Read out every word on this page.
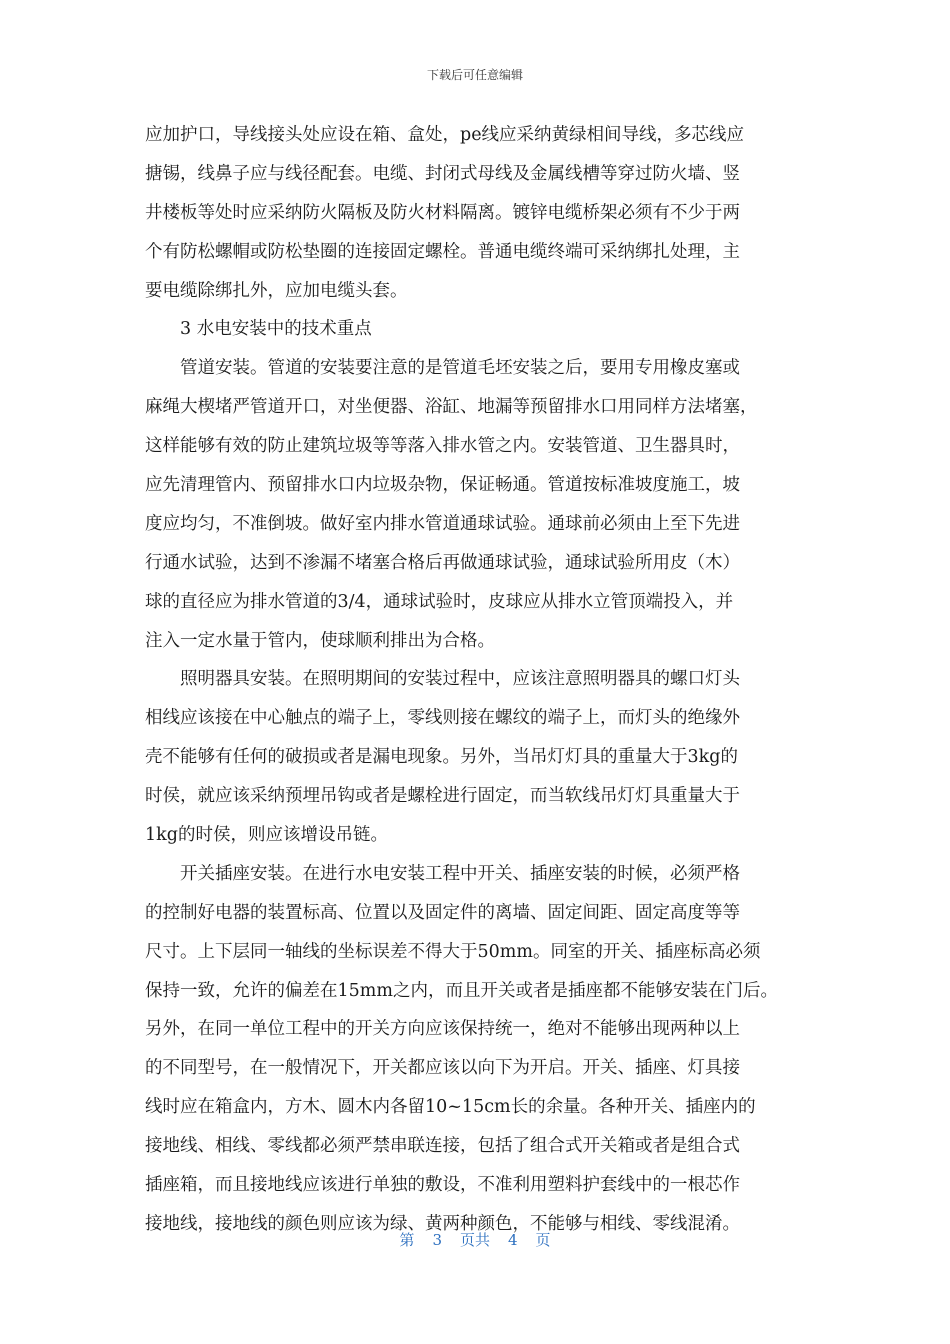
下载后可任意编辑
应加护口，导线接头处应设在箱、盒处，pe线应采纳黄绿相间导线，多芯线应
搪锡，线鼻子应与线径配套。电缆、封闭式母线及金属线槽等穿过防火墙、竖
井楼板等处时应采纳防火隔板及防火材料隔离。镀锌电缆桥架必须有不少于两
个有防松螺帽或防松垫圈的连接固定螺栓。普通电缆终端可采纳绑扎处理，主
要电缆除绑扎外，应加电缆头套。
3 水电安装中的技术重点
管道安装。管道的安装要注意的是管道毛坯安装之后，要用专用橡皮塞或
麻绳大楔堵严管道开口，对坐便器、浴缸、地漏等预留排水口用同样方法堵塞，
这样能够有效的防止建筑垃圾等等落入排水管之内。安装管道、卫生器具时，
应先清理管内、预留排水口内垃圾杂物，保证畅通。管道按标准坡度施工，坡
度应均匀，不准倒坡。做好室内排水管道通球试验。通球前必须由上至下先进
行通水试验，达到不渗漏不堵塞合格后再做通球试验，通球试验所用皮（木）
球的直径应为排水管道的3/4，通球试验时，皮球应从排水立管顶端投入，并
注入一定水量于管内，使球顺利排出为合格。
照明器具安装。在照明期间的安装过程中，应该注意照明器具的螺口灯头
相线应该接在中心触点的端子上，零线则接在螺纹的端子上，而灯头的绝缘外
壳不能够有任何的破损或者是漏电现象。另外，当吊灯灯具的重量大于3kg的
时侯，就应该采纳预埋吊钩或者是螺栓进行固定，而当软线吊灯灯具重量大于
1kg的时侯，则应该增设吊链。
开关插座安装。在进行水电安装工程中开关、插座安装的时候，必须严格
的控制好电器的装置标高、位置以及固定件的离墙、固定间距、固定高度等等
尺寸。上下层同一轴线的坐标误差不得大于50mm。同室的开关、插座标高必须
保持一致，允许的偏差在15mm之内，而且开关或者是插座都不能够安装在门后。
另外，在同一单位工程中的开关方向应该保持统一，绝对不能够出现两种以上
的不同型号，在一般情况下，开关都应该以向下为开启。开关、插座、灯具接
线时应在箱盒内，方木、圆木内各留10~15cm长的余量。各种开关、插座内的
接地线、相线、零线都必须严禁串联连接，包括了组合式开关箱或者是组合式
插座箱，而且接地线应该进行单独的敷设，不准利用塑料护套线中的一根芯作
接地线，接地线的颜色则应该为绿、黄两种颜色，不能够与相线、零线混淆。
第 3 页共 4 页
